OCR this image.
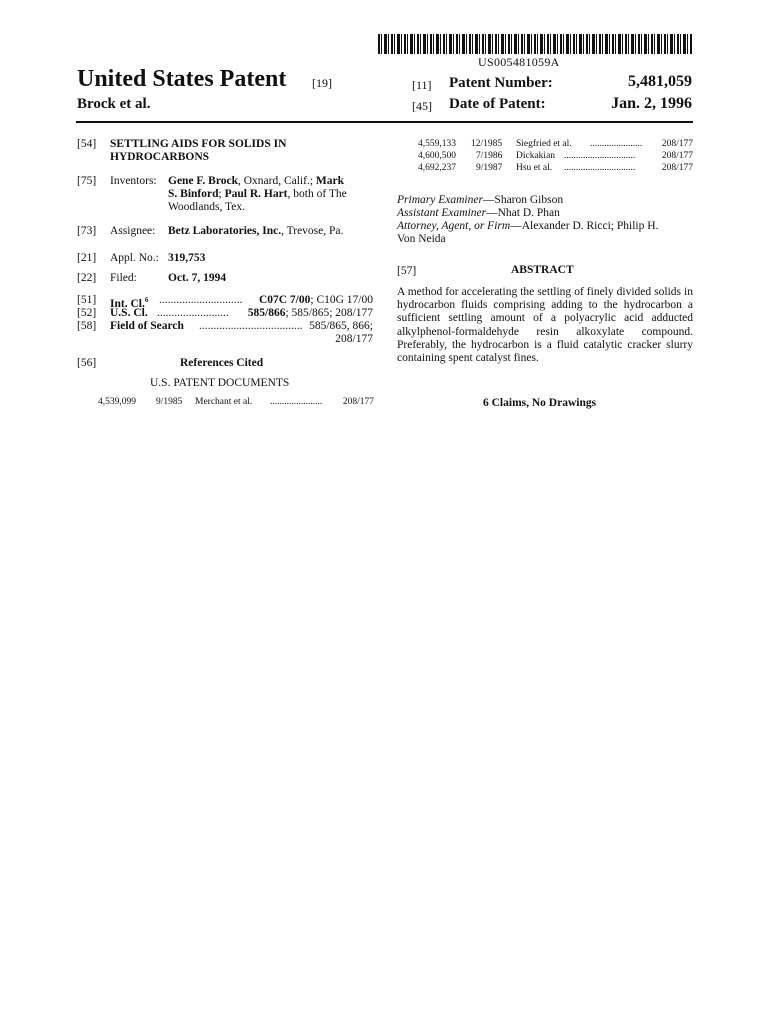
US005481059A
United States Patent [19]
Brock et al.
[11] Patent Number:	5,481,059
[45] Date of Patent:	Jan. 2, 1996
[54] SETTLING AIDS FOR SOLIDS IN
HYDROCARBONS
[75] Inventors: Gene F. Brock, Oxnard, Calif.; Mark
S. Binford; Paul R. Hart, both of The
Woodlands, Tex.
[73] Assignee: Betz Laboratories, Inc., Trevose, Pa.
[21] Appl. No.: 319,753
[22] Filed:	Oct. 7, 1994
[51] Int. Cl.$^6$ ............................. C07C 7/00; C10G 17/00
[52] U.S. Cl. ......................... 585/866; 585/865; 208/177
[58] Field of Search .................................... 585/865, 866;
208/177
[56]	References Cited
U.S. PATENT DOCUMENTS
4,539,099 9/1985 Merchant et al. ...................... 208/177
4,559,133 12/1985 Siegfried et al. ...................... 208/177
4,600,500 7/1986 Dickakian ..............................	208/177
4,692,237 9/1987 Hsu et al. ..............................	208/177
Primary Examiner—Sharon Gibson
Assistant Examiner—Nhat D. Phan
Attorney, Agent, or Firm—Alexander D. Ricci; Philip H.
Von Neida
[57]	ABSTRACT
A method for accelerating the settling of finely divided solids in hydrocarbon fluids comprising adding to the hydrocarbon a sufficient settling amount of a polyacrylic acid adducted alkylphenol-formaldehyde resin alkoxylate compound. Preferably, the hydrocarbon is a fluid catalytic cracker slurry containing spent catalyst fines.
6 Claims, No Drawings
